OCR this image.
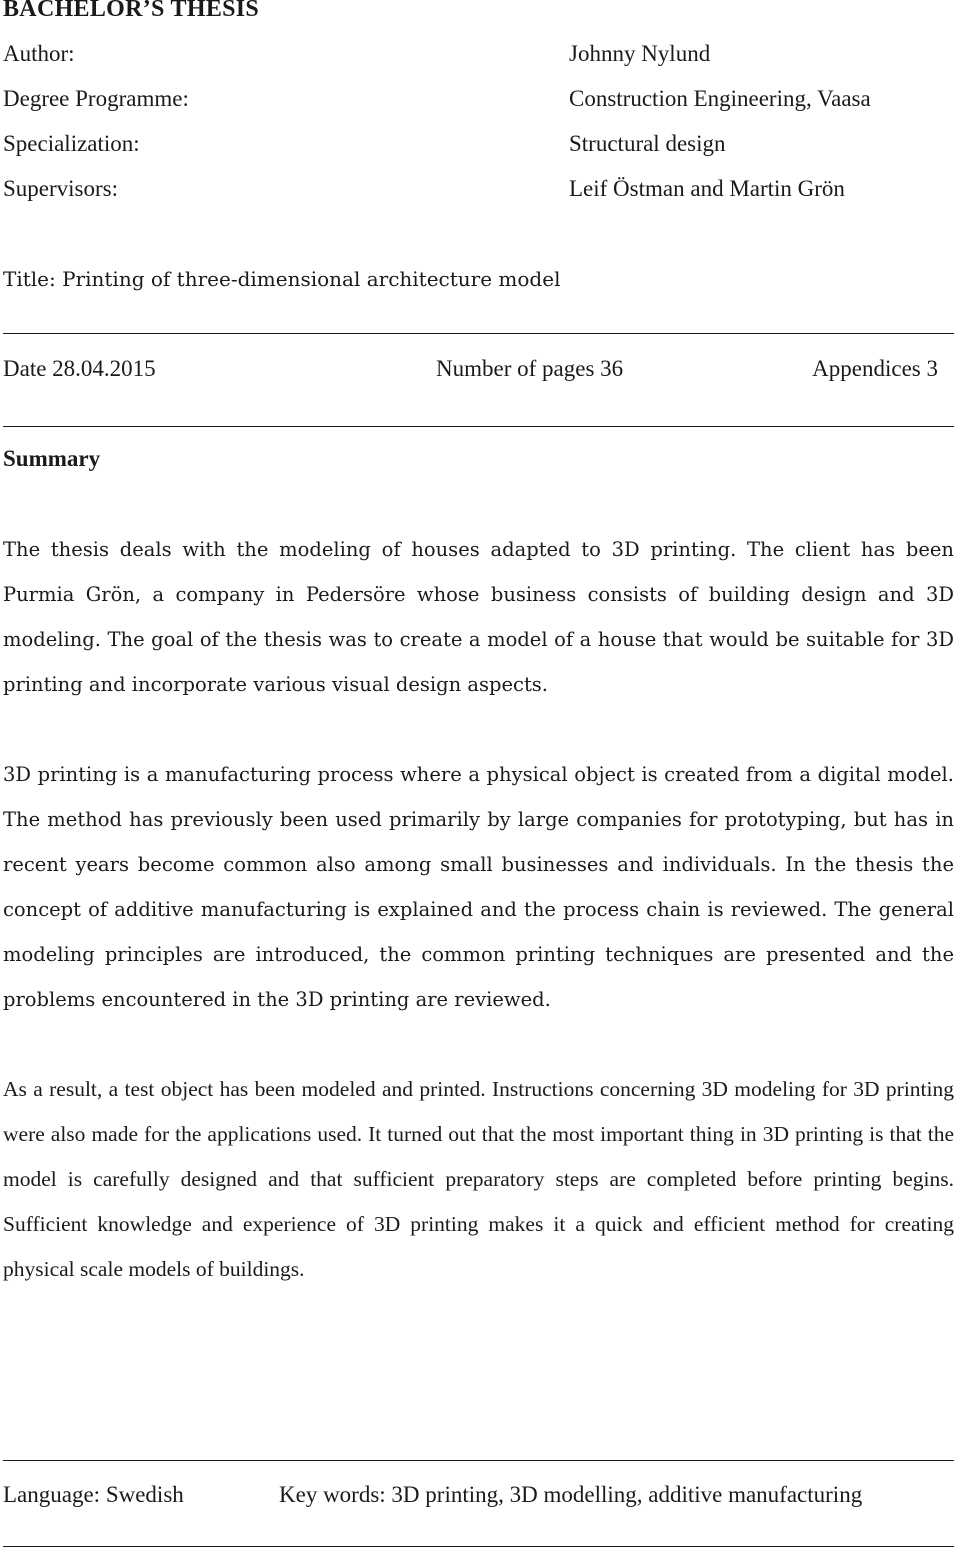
BACHELOR’S THESIS
Author:	Johnny Nylund
Degree Programme:	Construction Engineering, Vaasa
Specialization:	Structural design
Supervisors:	Leif Östman and Martin Grön
Title: Printing of three-dimensional architecture model
Date 28.04.2015	Number of pages 36	Appendices 3
Summary

The thesis deals with the modeling of houses adapted to 3D printing. The client has been Purmia Grön, a company in Pedersöre whose business consists of building design and 3D modeling. The goal of the thesis was to create a model of a house that would be suitable for 3D printing and incorporate various visual design aspects.

3D printing is a manufacturing process where a physical object is created from a digital model. The method has previously been used primarily by large companies for prototyping, but has in recent years become common also among small businesses and individuals. In the thesis the concept of additive manufacturing is explained and the process chain is reviewed. The general modeling principles are introduced, the common printing techniques are presented and the problems encountered in the 3D printing are reviewed.

As a result, a test object has been modeled and printed. Instructions concerning 3D modeling for 3D printing were also made for the applications used. It turned out that the most important thing in 3D printing is that the model is carefully designed and that sufficient preparatory steps are completed before printing begins. Sufficient knowledge and experience of 3D printing makes it a quick and efficient method for creating physical scale models of buildings.

Language: Swedish	Key words: 3D printing, 3D modelling, additive manufacturing
